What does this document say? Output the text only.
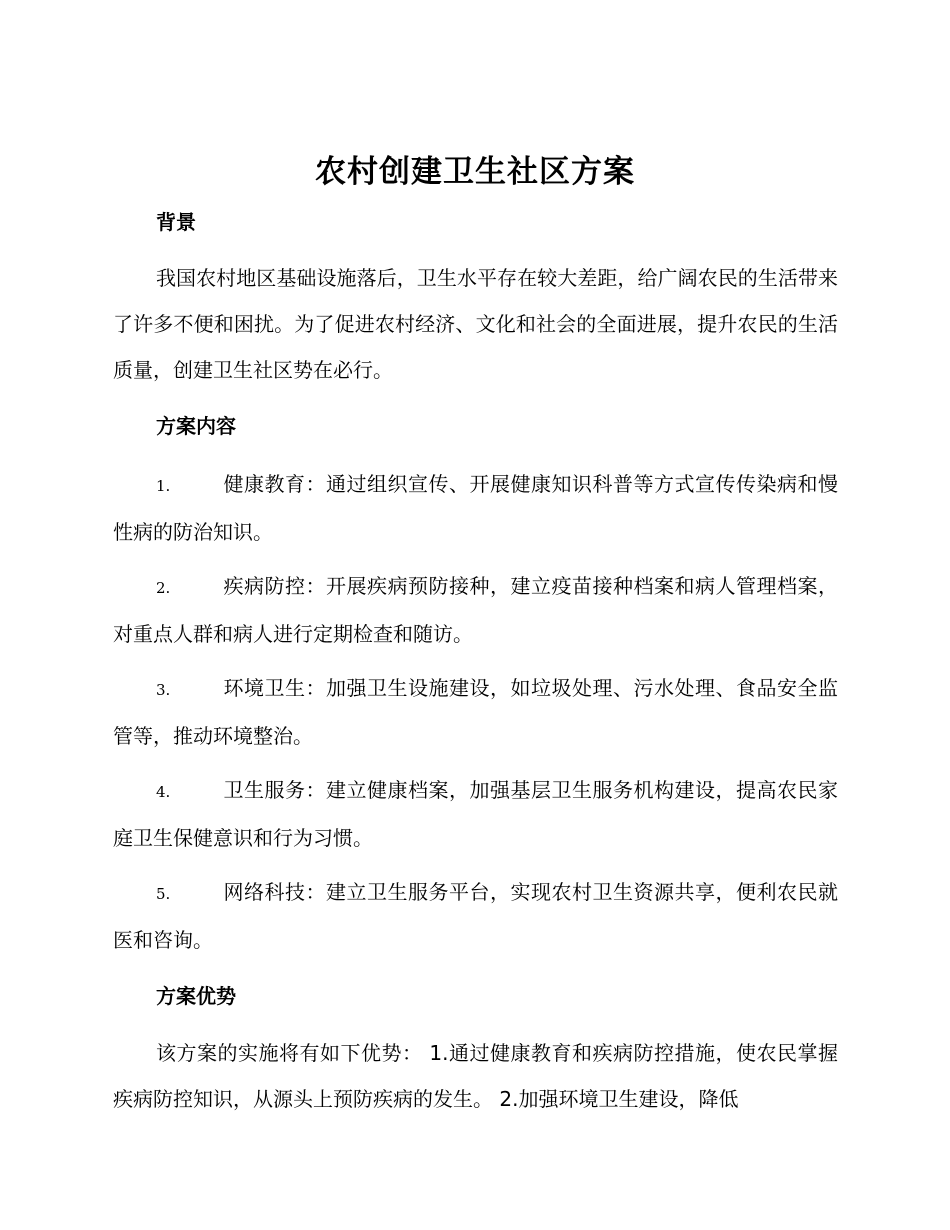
农村创建卫生社区方案
背景
我国农村地区基础设施落后，卫生水平存在较大差距，给广阔农民的生活带来了许多不便和困扰。为了促进农村经济、文化和社会的全面进展，提升农民的生活质量，创建卫生社区势在必行。
方案内容
1.	健康教育：通过组织宣传、开展健康知识科普等方式宣传传染病和慢性病的防治知识。
2.	疾病防控：开展疾病预防接种，建立疫苗接种档案和病人管理档案，对重点人群和病人进行定期检查和随访。
3.	环境卫生：加强卫生设施建设，如垃圾处理、污水处理、食品安全监管等，推动环境整治。
4.	卫生服务：建立健康档案，加强基层卫生服务机构建设，提高农民家庭卫生保健意识和行为习惯。
5.	网络科技：建立卫生服务平台，实现农村卫生资源共享，便利农民就医和咨询。
方案优势
该方案的实施将有如下优势： 1.通过健康教育和疾病防控措施，使农民掌握疾病防控知识，从源头上预防疾病的发生。 2.加强环境卫生建设，降低
